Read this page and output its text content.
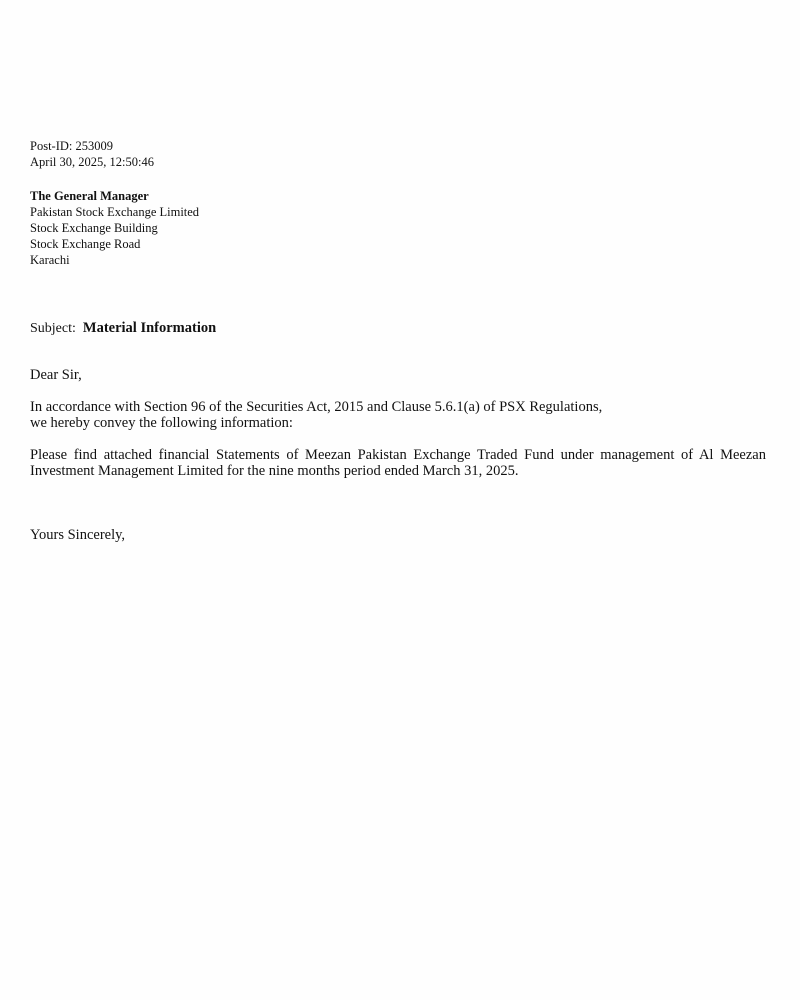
Post-ID: 253009
April 30, 2025, 12:50:46
The General Manager
Pakistan Stock Exchange Limited
Stock Exchange Building
Stock Exchange Road
Karachi
Subject: Material Information
Dear Sir,
In accordance with Section 96 of the Securities Act, 2015 and Clause 5.6.1(a) of PSX Regulations,
we hereby convey the following information:
Please find attached financial Statements of Meezan Pakistan Exchange Traded Fund under management of Al Meezan Investment Management Limited for the nine months period ended March 31, 2025.
Yours Sincerely,
